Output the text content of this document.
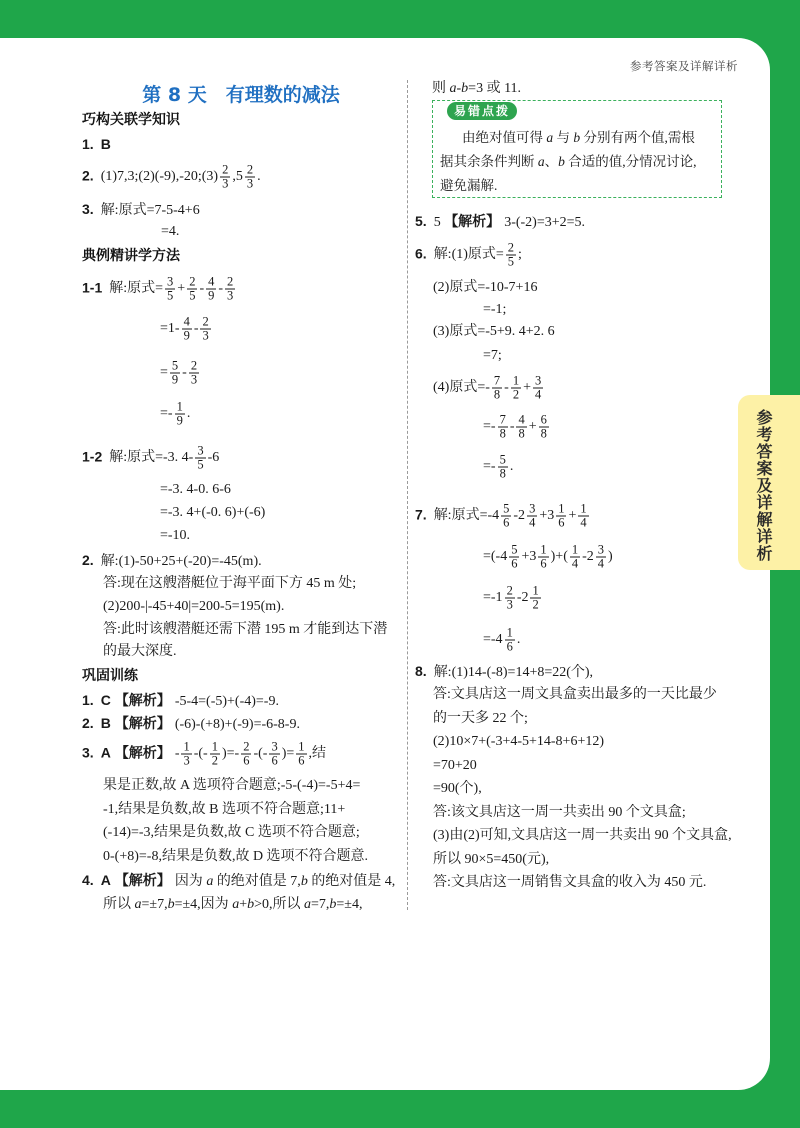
参考答案及详解详析
第 8 天　有理数的减法
巧构关联学知识
1. B
2. (1)7,3;(2)(-9),-20;(3) $\frac{2}{3} ,5 \frac{2}{3}$ .
3. 解:原式=7-5-4+6
=4.
典例精讲学方法
1-1 解:原式= $\frac{3}{5} + \frac{2}{5} - \frac{4}{9} - \frac{2}{3}$
$=1- \frac{4}{9} - \frac{2}{3}$
= $\frac{5}{9} - \frac{2}{3}$
=- $\frac{1}{9}$ .
1-2 解:原式=-3. $4- \frac{3}{5} -6$
=-3. 4-0. 6-6
=-3. 4+(-0. 6)+(-6)
=-10.
2. 解:(1)-50+25+(-20)=-45(m).
答:现在这艘潜艇位于海平面下方 45 m 处;
(2)200-|-45+40|=200-5=195(m).
答:此时该艘潜艇还需下潜 195 m 才能到达下潜
的最大深度.
巩固训练
1. C 【解析】 -5-4=(-5)+(-4)=-9.
2. B 【解析】 (-6)-(+8)+(-9)=-6-8-9.
3. A 【解析】 - $\frac{1}{3}$ -(- $\frac{1}{2}$ )=- $\frac{2}{6}$ -(- $\frac{3}{6}$ )= $\frac{1}{6}$ ,结
果是正数,故 A 选项符合题意;-5-(-4)=-5+4=
-1,结果是负数,故 B 选项不符合题意;11+
(-14)=-3,结果是负数,故 C 选项不符合题意;
0-(+8)=-8,结果是负数,故 D 选项不符合题意.
4. A 【解析】 因为 a 的绝对值是 7,b 的绝对值是 4,
所以 a=±7,b=±4,因为 a+b>0,所以 a=7,b=±4,
则 a-b=3 或 11.
5. 5 【解析】 3-(-2)=3+2=5.
6. 解:(1)原式= $\frac{2}{5}$ ;
(2)原式=-10-7+16
=-1;
(3)原式=-5+9. 4+2. 6
=7;
(4)原式=- $\frac{7}{8} - \frac{1}{2} + \frac{3}{4}$
=- $\frac{7}{8} - \frac{4}{8} + \frac{6}{8}$
=- $\frac{5}{8}$ .
7. 解:原式$=-4 \frac{5}{6} -2 \frac{3}{4} +3 \frac{1}{6} + \frac{1}{4}$
$=(-4 \frac{5}{6} +3 \frac{1}{6}$ )+( $\frac{1}{4} -2 \frac{3}{4}$ )
$=-1 \frac{2}{3} -2 \frac{1}{2}$
$=-4 \frac{1}{6}$ .
8. 解:(1)14-(-8)=14+8=22(个),
答:文具店这一周文具盒卖出最多的一天比最少
的一天多 22 个;
(2)10×7+(-3+4-5+14-8+6+12)
=70+20
=90(个),
答:该文具店这一周一共卖出 90 个文具盒;
(3)由(2)可知,文具店这一周一共卖出 90 个文具盒,
所以 90×5=450(元),
答:文具店这一周销售文具盒的收入为 450 元.
易错点拨
由绝对值可得 a 与 b 分别有两个值,需根
据其余条件判断 a、b 合适的值,分情况讨论,
避免漏解.
参考答案及详解详析
